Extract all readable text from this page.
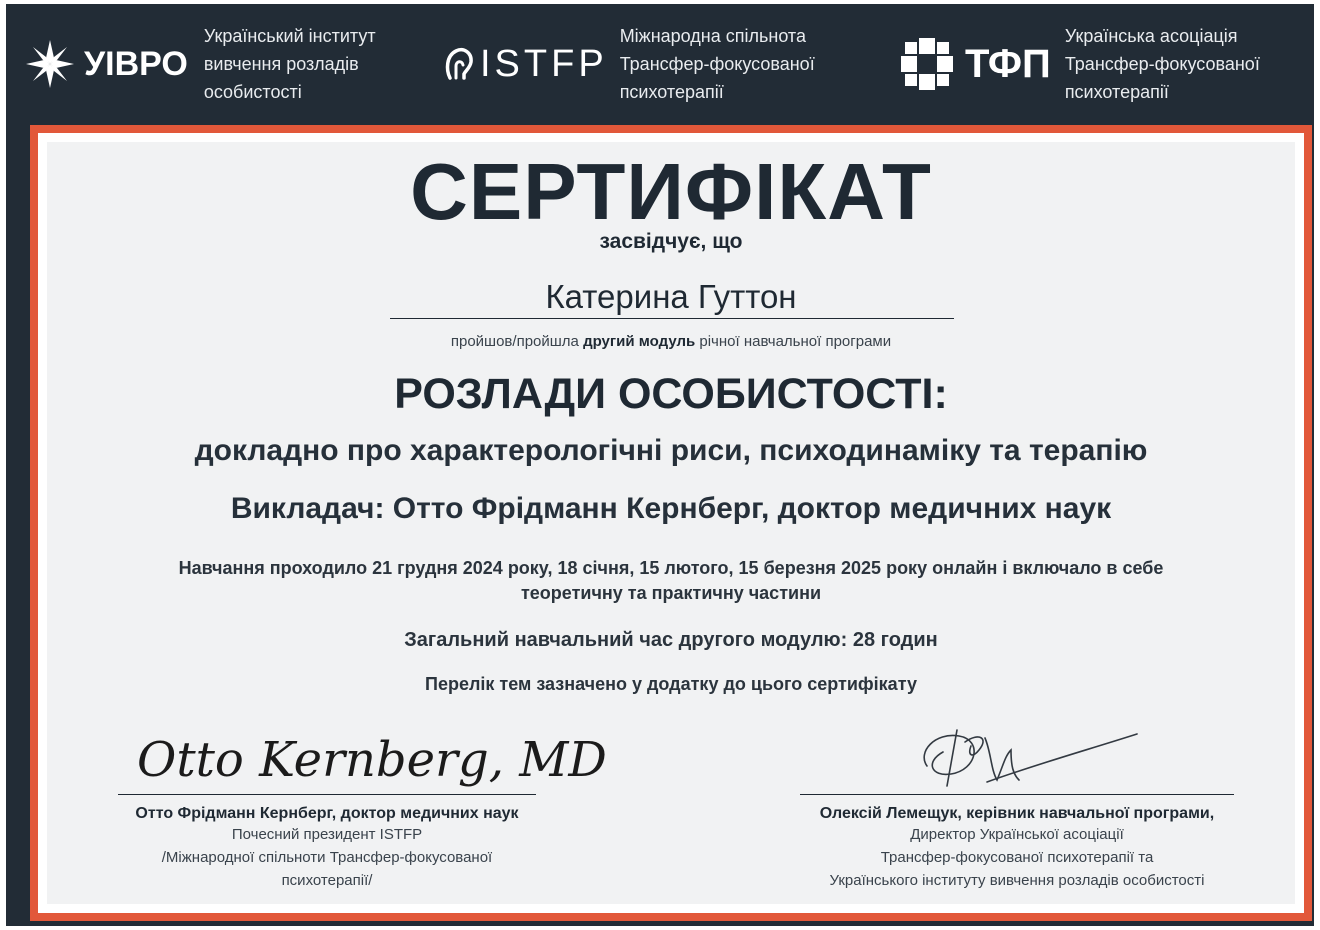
УІВРО
Український інститут
вивчення розладів
особистості
ISTFP
Міжнародна спільнота
Трансфер-фокусованої
психотерапії
ТФП
Українська асоціація
Трансфер-фокусованої
психотерапії
СЕРТИФІКАТ
засвідчує, що
Катерина Гуттон
пройшов/пройшла другий модуль річної навчальної програми
РОЗЛАДИ ОСОБИСТОСТІ:
докладно про характерологічні риси, психодинаміку та терапію
Викладач: Отто Фрідманн Кернберг, доктор медичних наук
Навчання проходило 21 грудня 2024 року, 18 січня, 15 лютого, 15 березня 2025 року онлайн і включало в себе
теоретичну та практичну частини
Загальний навчальний час другого модулю: 28 годин
Перелік тем зазначено у додатку до цього сертифікату
Otto Kernberg, MD
Отто Фрідманн Кернберг, доктор медичних наук
Почесний президент ISTFP
/Міжнародної спільноти Трансфер-фокусованої
психотерапії/
Олексій Лемещук, керівник навчальної програми,
Директор Української асоціації
Трансфер-фокусованої психотерапії та
Українського інституту вивчення розладів особистості
